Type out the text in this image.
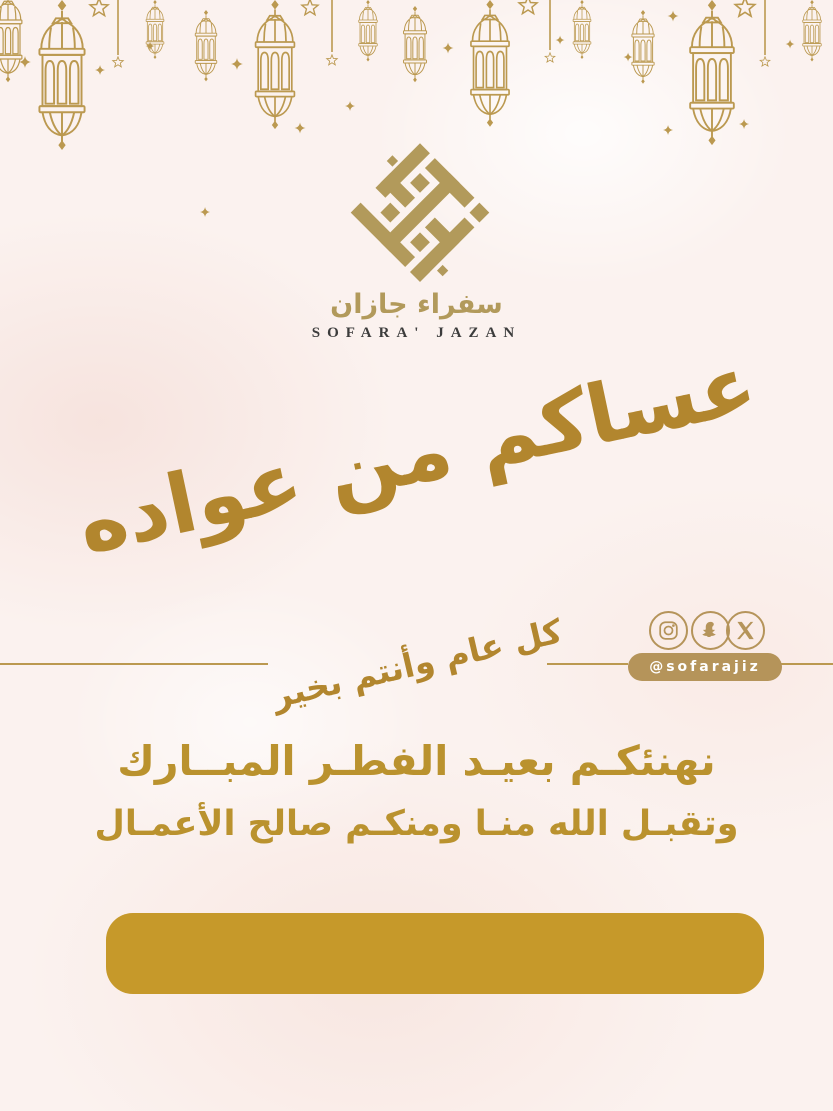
سفراء جازان
SOFARA' JAZAN
عساكم من عواده
كل عام وأنتم بخير	@sofarajiz
نهنئكـم بعيـد الفطـر المبــارك
وتقبـل الله منـا ومنكـم صالح الأعمـال
